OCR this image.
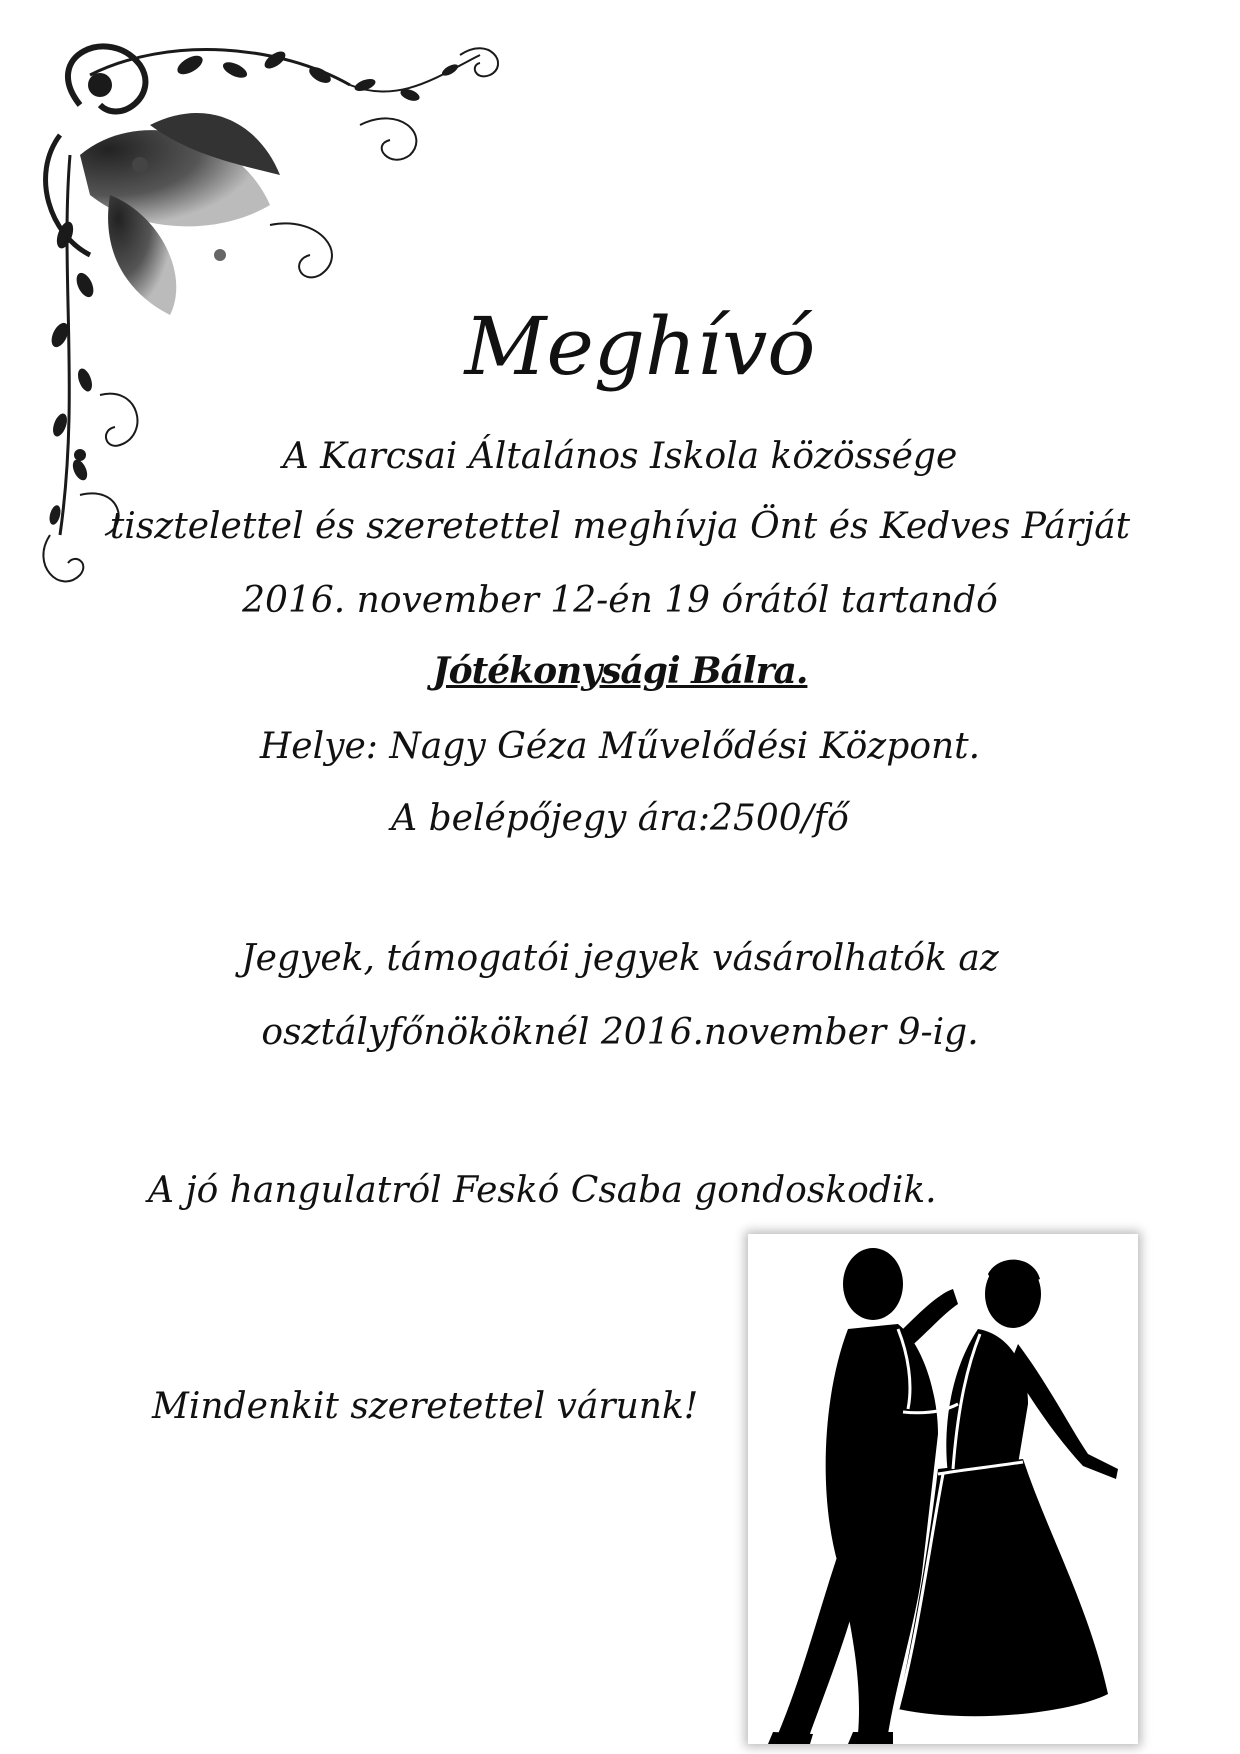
Meghívó
A Karcsai Általános Iskola közössége
tisztelettel és szeretettel meghívja Önt és Kedves Párját
2016. november 12-én 19 órától tartandó
Jótékonysági Bálra.
Helye: Nagy Géza Művelődési Központ.
A belépőjegy ára:2500/fő
Jegyek, támogatói jegyek vásárolhatók az
osztályfőnököknél 2016.november 9-ig.
A jó hangulatról Feskó Csaba gondoskodik.
Mindenkit szeretettel várunk!
